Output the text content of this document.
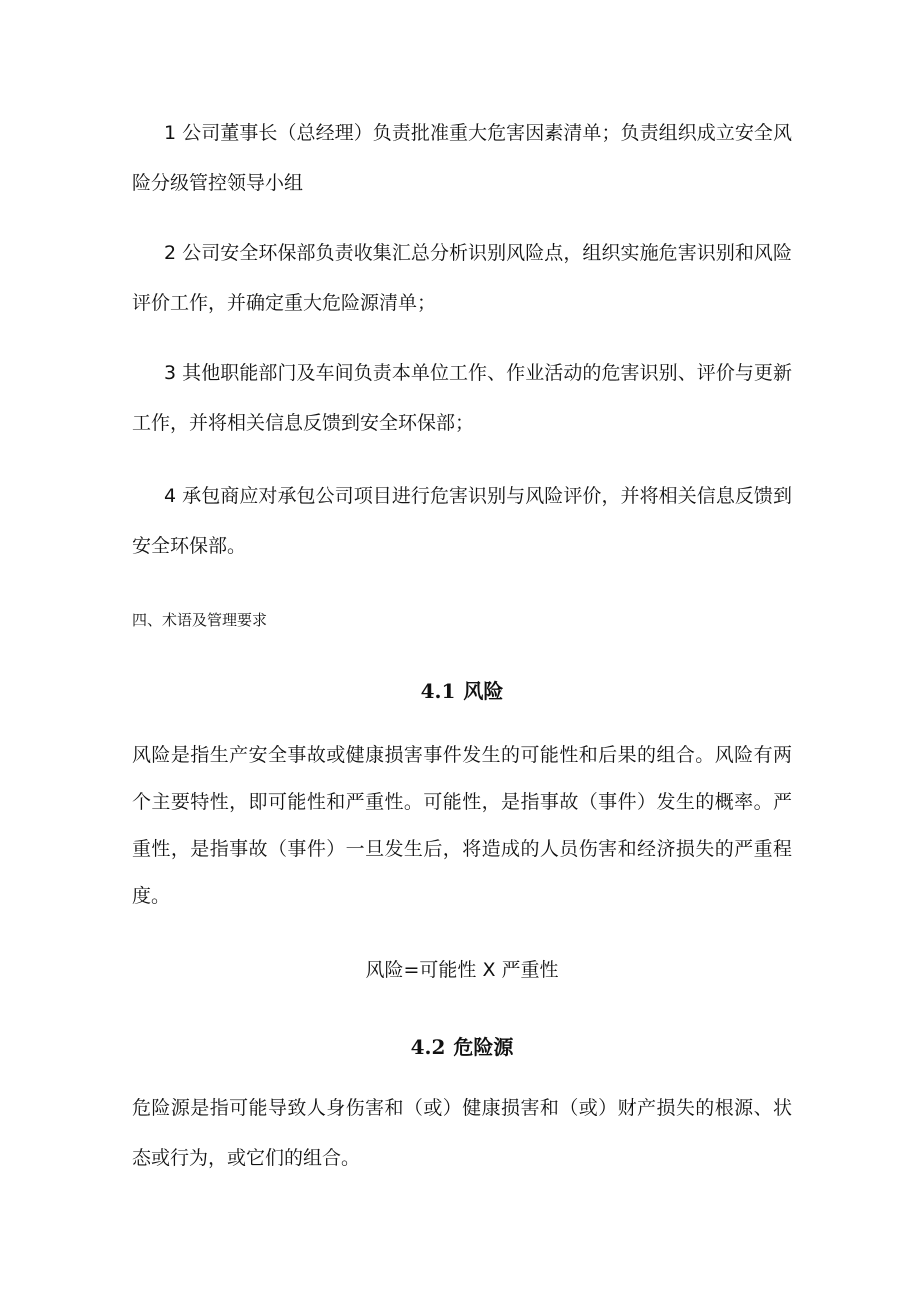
1 公司董事长（总经理）负责批准重大危害因素清单；负责组织成立安全风险分级管控领导小组

2 公司安全环保部负责收集汇总分析识别风险点，组织实施危害识别和风险评价工作，并确定重大危险源清单；

3 其他职能部门及车间负责本单位工作、作业活动的危害识别、评价与更新工作，并将相关信息反馈到安全环保部；

4 承包商应对承包公司项目进行危害识别与风险评价，并将相关信息反馈到安全环保部。

四、术语及管理要求

4.1 风险

风险是指生产安全事故或健康损害事件发生的可能性和后果的组合。风险有两个主要特性，即可能性和严重性。可能性，是指事故（事件）发生的概率。严重性，是指事故（事件）一旦发生后，将造成的人员伤害和经济损失的严重程度。

风险=可能性 X 严重性

4.2 危险源

危险源是指可能导致人身伤害和（或）健康损害和（或）财产损失的根源、状态或行为，或它们的组合。
